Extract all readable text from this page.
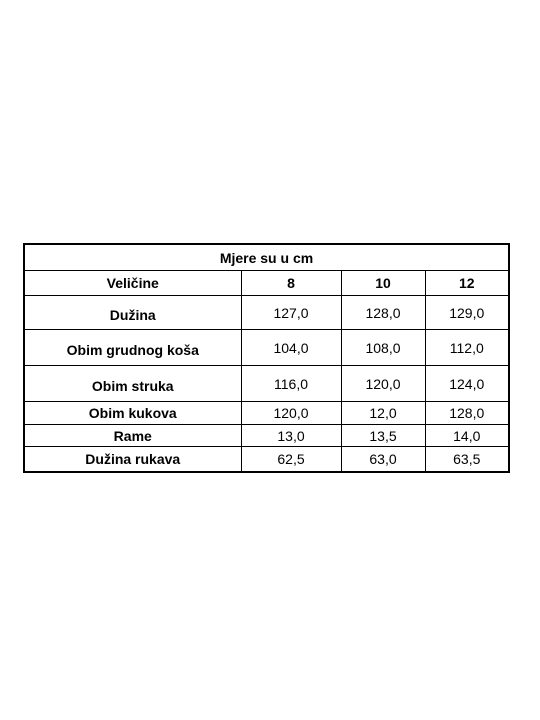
Mjere su u cm			
Veličine	8	10	12
Dužina	127,0	128,0	129,0
Obim grudnog koša	104,0	108,0	112,0
Obim struka	116,0	120,0	124,0
Obim kukova	120,0	12,0	128,0
Rame	13,0	13,5	14,0
Dužina rukava	62,5	63,0	63,5
